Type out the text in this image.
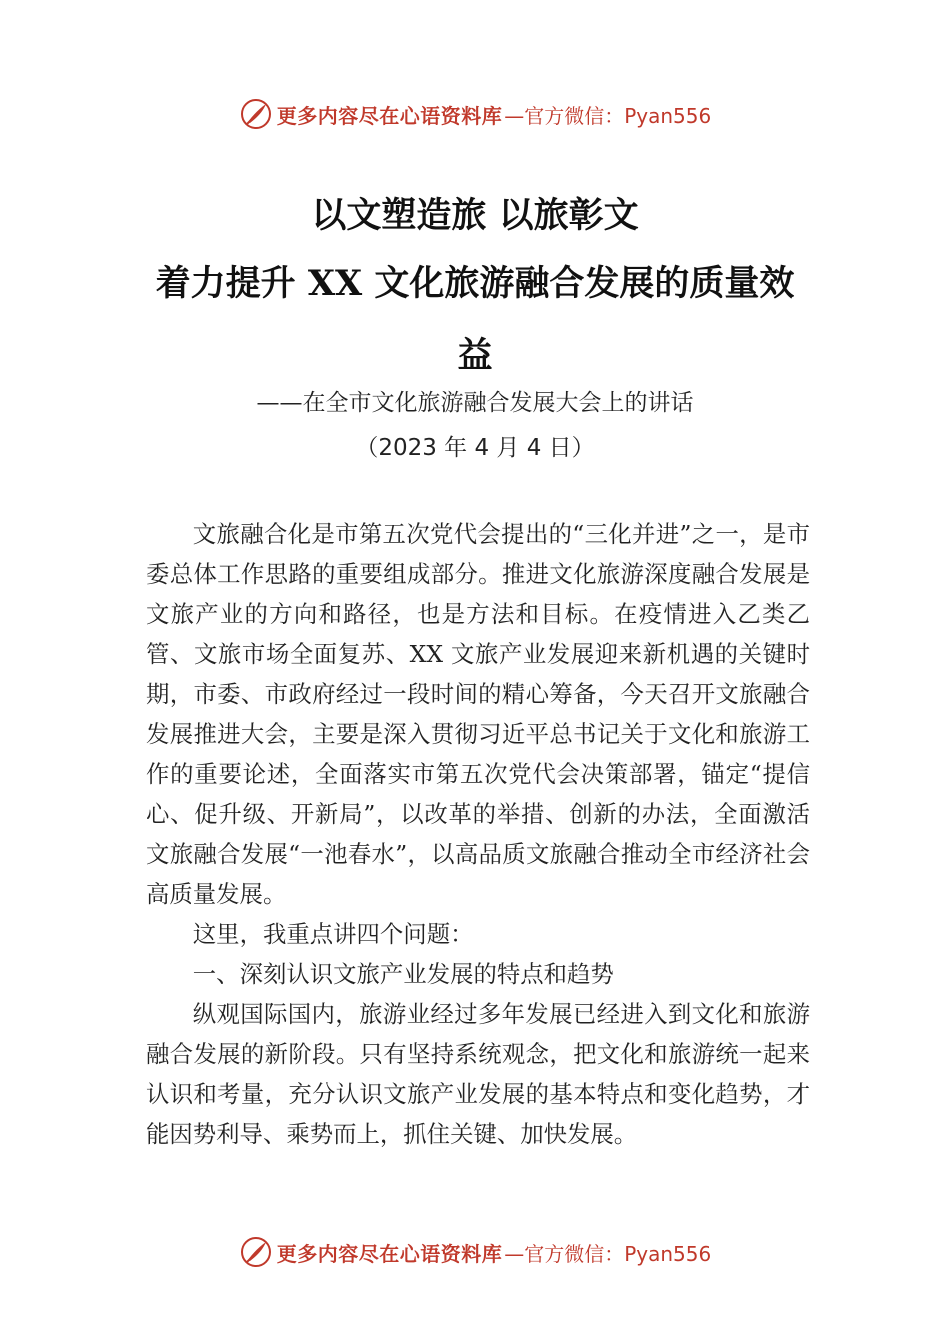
更多内容尽在心语资料库 —官方微信：Pyan556
以文塑造旅 以旅彰文
着力提升 XX 文化旅游融合发展的质量效
益
——在全市文化旅游融合发展大会上的讲话
（2023 年 4 月 4 日）

文旅融合化是市第五次党代会提出的“三化并进”之一，是市委总体工作思路的重要组成部分。推进文化旅游深度融合发展是文旅产业的方向和路径，也是方法和目标。在疫情进入乙类乙管、文旅市场全面复苏、XX 文旅产业发展迎来新机遇的关键时期，市委、市政府经过一段时间的精心筹备，今天召开文旅融合发展推进大会，主要是深入贯彻习近平总书记关于文化和旅游工作的重要论述，全面落实市第五次党代会决策部署，锚定“提信心、促升级、开新局”，以改革的举措、创新的办法，全面激活文旅融合发展“一池春水”，以高品质文旅融合推动全市经济社会高质量发展。

这里，我重点讲四个问题：

一、深刻认识文旅产业发展的特点和趋势

纵观国际国内，旅游业经过多年发展已经进入到文化和旅游融合发展的新阶段。只有坚持系统观念，把文化和旅游统一起来认识和考量，充分认识文旅产业发展的基本特点和变化趋势，才能因势利导、乘势而上，抓住关键、加快发展。

更多内容尽在心语资料库 —官方微信：Pyan556
